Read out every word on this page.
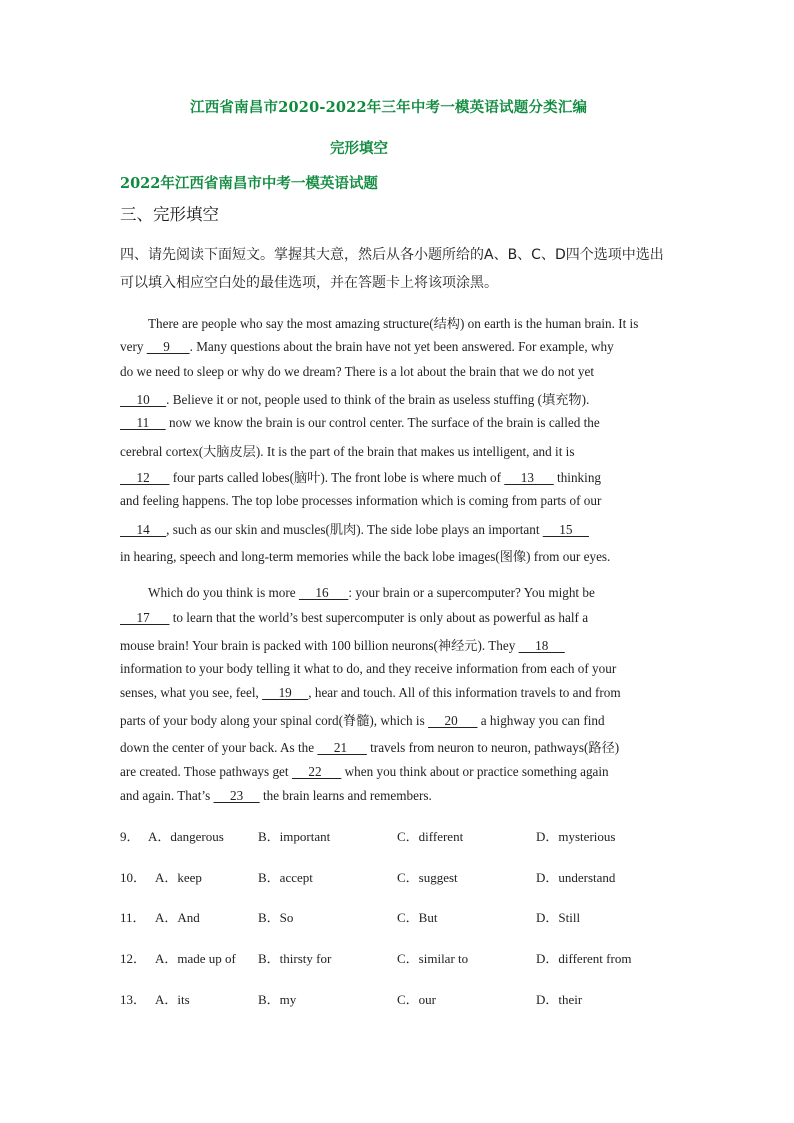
江西省南昌市2020-2022年三年中考一模英语试题分类汇编
完形填空
2022年江西省南昌市中考一模英语试题
三、完形填空
四、请先阅读下面短文。掌握其大意，然后从各小题所给的A、B、C、D四个选项中选出
可以填入相应空白处的最佳选项，并在答题卡上将该项涂黑。
There are people who say the most amazing structure(结构) on earth is the human brain. It is
very      9      . Many questions about the brain have not yet been answered. For example, why
do we need to sleep or why do we dream? There is a lot about the brain that we do not yet
10     . Believe it or not, people used to think of the brain as useless stuffing (填充物).
11      now we know the brain is our control center. The surface of the brain is called the
cerebral cortex(大脑皮层). It is the part of the brain that makes us intelligent, and it is
12       four parts called lobes(脑叶). The front lobe is where much of      13       thinking
and feeling happens. The top lobe processes information which is coming from parts of our
14     , such as our skin and muscles(肌肉). The side lobe plays an important      15
in hearing, speech and long-term memories while the back lobe images(图像) from our eyes.
Which do you think is more      16      : your brain or a supercomputer? You might be
17       to learn that the world’s best supercomputer is only about as powerful as half a
mouse brain! Your brain is packed with 100 billion neurons(神经元). They      18
information to your body telling it what to do, and they receive information from each of your
senses, what you see, feel,      19     , hear and touch. All of this information travels to and from
parts of your body along your spinal cord(脊髓), which is      20       a highway you can find
down the center of your back. As the      21       travels from neuron to neuron, pathways(路径)
are created. Those pathways get      22       when you think about or practice something again
and again. That’s      23      the brain learns and remembers.
9． A．dangerous	B．important	C．different	D．mysterious
10． A．keep	B．accept	C．suggest	D．understand
11． A．And	B．So	C．But	D．Still
12． A．made up of B．thirsty for	C．similar to	D．different from
13． A．its	B．my	C．our	D．their
